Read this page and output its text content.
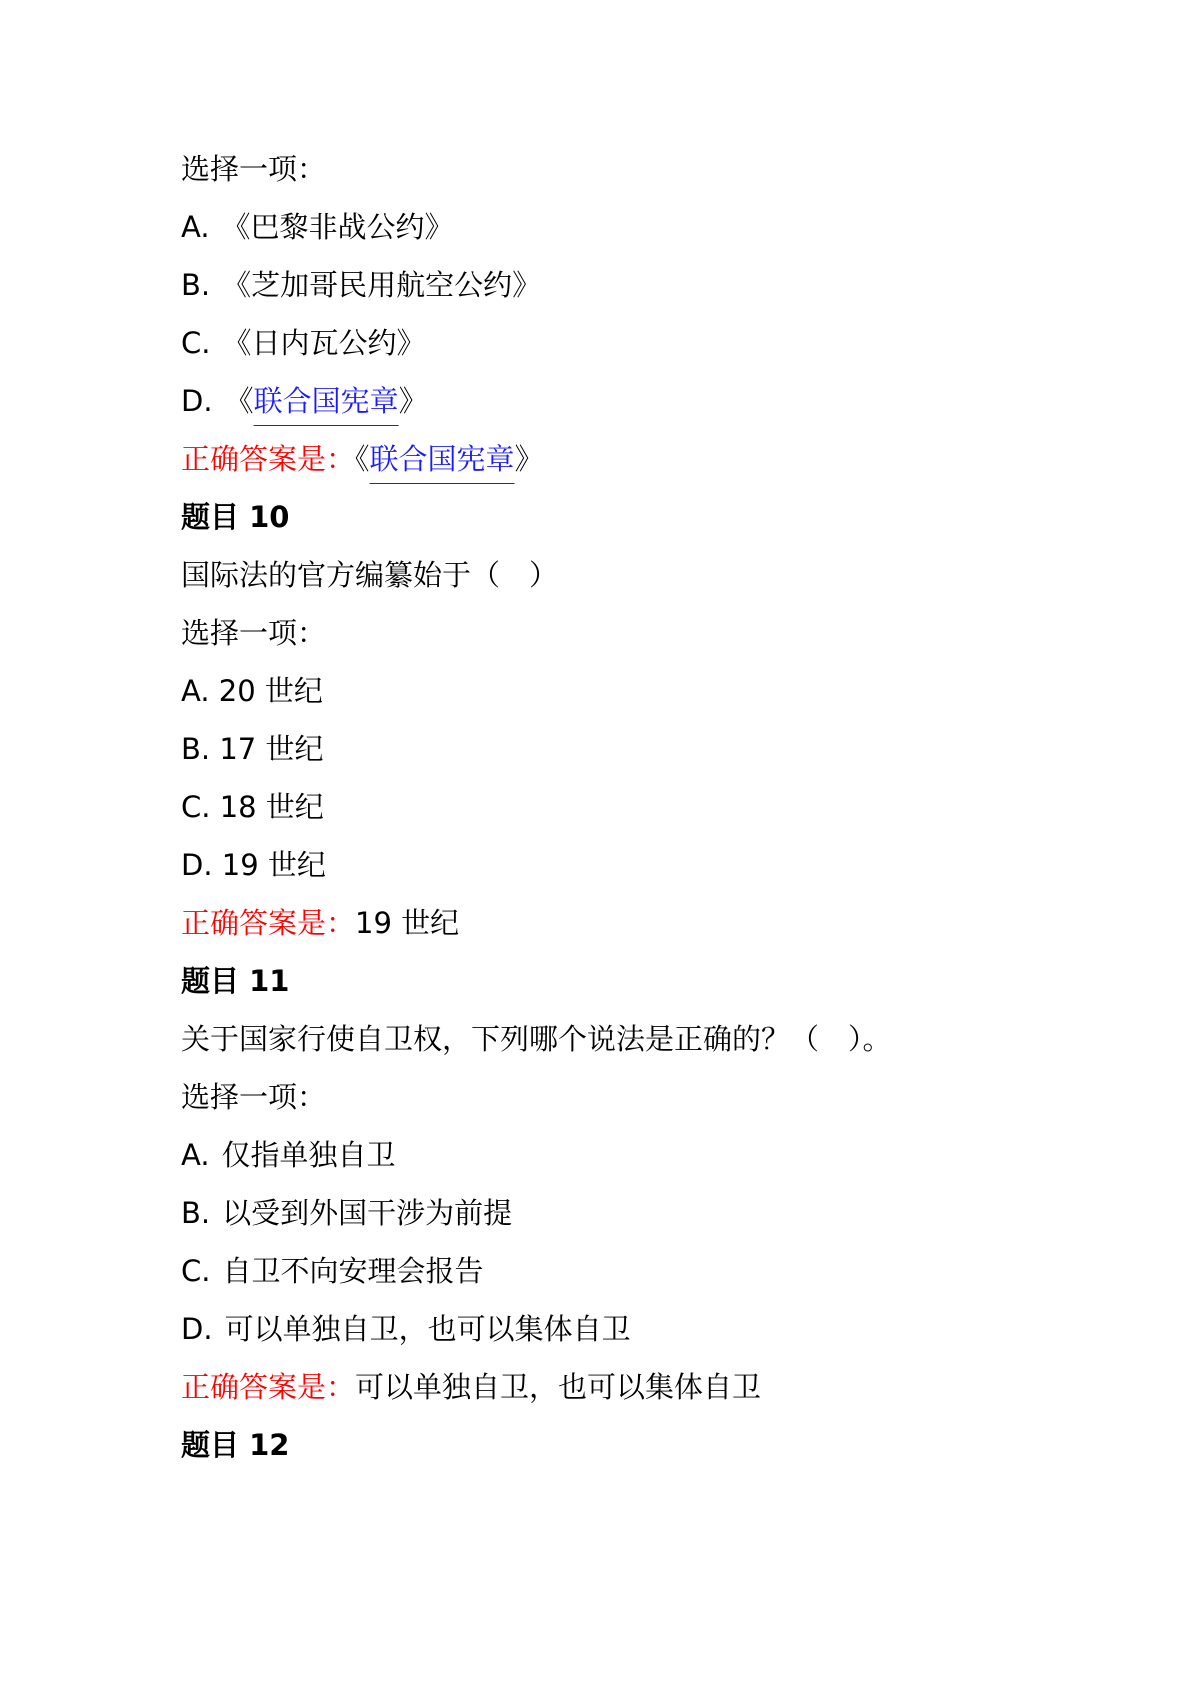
选择一项：
A. 《巴黎非战公约》
B. 《芝加哥民用航空公约》
C. 《日内瓦公约》
D. 《联合国宪章》
正确答案是：《联合国宪章》
题目 10
国际法的官方编纂始于（　）
选择一项：
A. 20 世纪
B. 17 世纪
C. 18 世纪
D. 19 世纪
正确答案是：19 世纪
题目 11
关于国家行使自卫权，下列哪个说法是正确的？（　）。
选择一项：
A. 仅指单独自卫
B. 以受到外国干涉为前提
C. 自卫不向安理会报告
D. 可以单独自卫，也可以集体自卫
正确答案是：可以单独自卫，也可以集体自卫
题目 12
